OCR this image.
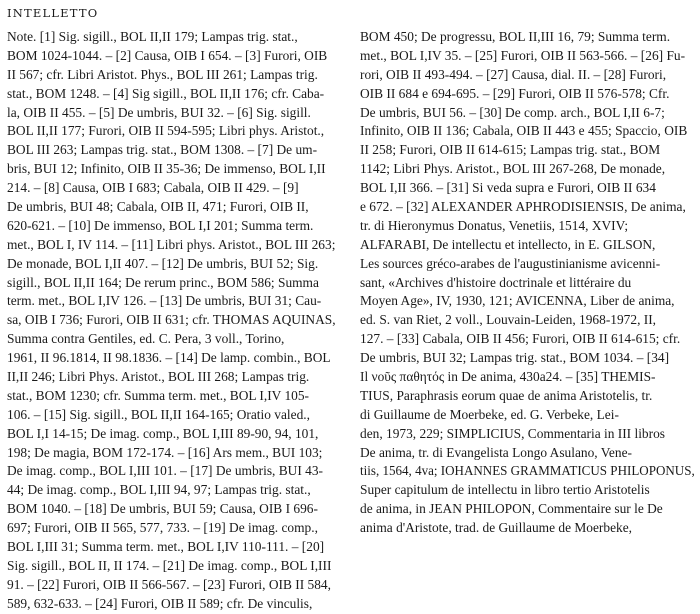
INTELLETTO
Note. [1] Sig. sigill., BOL II,II 179; Lampas trig. stat.,
BOM 1024-1044. – [2] Causa, OIB I 654. – [3] Furori, OIB
II 567; cfr. Libri Aristot. Phys., BOL III 261; Lampas trig.
stat., BOM 1248. – [4] Sig sigill., BOL II,II 176; cfr. Caba-
la, OIB II 455. – [5] De umbris, BUI 32. – [6] Sig. sigill.
BOL II,II 177; Furori, OIB II 594-595; Libri phys. Aristot.,
BOL III 263; Lampas trig. stat., BOM 1308. – [7] De um-
bris, BUI 12; Infinito, OIB II 35-36; De immenso, BOL I,II
214. – [8] Causa, OIB I 683; Cabala, OIB II 429. – [9]
De umbris, BUI 48; Cabala, OIB II, 471; Furori, OIB II,
620-621. – [10] De immenso, BOL I,I 201; Summa term.
met., BOL I, IV 114. – [11] Libri phys. Aristot., BOL III 263;
De monade, BOL I,II 407. – [12] De umbris, BUI 52; Sig.
sigill., BOL II,II 164; De rerum princ., BOM 586; Summa
term. met., BOL I,IV 126. – [13] De umbris, BUI 31; Cau-
sa, OIB I 736; Furori, OIB II 631; cfr. THOMAS AQUINAS,
Summa contra Gentiles, ed. C. Pera, 3 voll., Torino,
1961, II 96.1814, II 98.1836. – [14] De lamp. combin., BOL
II,II 246; Libri Phys. Aristot., BOL III 268; Lampas trig.
stat., BOM 1230; cfr. Summa term. met., BOL I,IV 105-
106. – [15] Sig. sigill., BOL II,II 164-165; Oratio valed.,
BOL I,I 14-15; De imag. comp., BOL I,III 89-90, 94, 101,
198; De magia, BOM 172-174. – [16] Ars mem., BUI 103;
De imag. comp., BOL I,III 101. – [17] De umbris, BUI 43-
44; De imag. comp., BOL I,III 94, 97; Lampas trig. stat.,
BOM 1040. – [18] De umbris, BUI 59; Causa, OIB I 696-
697; Furori, OIB II 565, 577, 733. – [19] De imag. comp.,
BOL I,III 31; Summa term. met., BOL I,IV 110-111. – [20]
Sig. sigill., BOL II, II 174. – [21] De imag. comp., BOL I,III
91. – [22] Furori, OIB II 566-567. – [23] Furori, OIB II 584,
589, 632-633. – [24] Furori, OIB II 589; cfr. De vinculis,
BOM 450; De progressu, BOL II,III 16, 79; Summa term.
met., BOL I,IV 35. – [25] Furori, OIB II 563-566. – [26] Fu-
rori, OIB II 493-494. – [27] Causa, dial. II. – [28] Furori,
OIB II 684 e 694-695. – [29] Furori, OIB II 576-578; Cfr.
De umbris, BUI 56. – [30] De comp. arch., BOL I,II 6-7;
Infinito, OIB II 136; Cabala, OIB II 443 e 455; Spaccio, OIB
II 258; Furori, OIB II 614-615; Lampas trig. stat., BOM
1142; Libri Phys. Aristot., BOL III 267-268, De monade,
BOL I,II 366. – [31] Si veda supra e Furori, OIB II 634
e 672. – [32] ALEXANDER APHRODISIENSIS, De anima,
tr. di Hieronymus Donatus, Venetiis, 1514, XVIV;
ALFARABI, De intellectu et intellecto, in E. GILSON,
Les sources gréco-arabes de l'augustinianisme avicenni-
sant, «Archives d'histoire doctrinale et littéraire du
Moyen Age», IV, 1930, 121; AVICENNA, Liber de anima,
ed. S. van Riet, 2 voll., Louvain-Leiden, 1968-1972, II,
127. – [33] Cabala, OIB II 456; Furori, OIB II 614-615; cfr.
De umbris, BUI 32; Lampas trig. stat., BOM 1034. – [34]
Il νοῦς παθητός in De anima, 430a24. – [35] THEMIS-
TIUS, Paraphrasis eorum quae de anima Aristotelis, tr.
di Guillaume de Moerbeke, ed. G. Verbeke, Lei-
den, 1973, 229; SIMPLICIUS, Commentaria in III libros
De anima, tr. di Evangelista Longo Asulano, Vene-
tiis, 1564, 4va; IOHANNES GRAMMATICUS PHILOPONUS,
Super capitulum de intellectu in libro tertio Aristotelis
de anima, in JEAN PHILOPON, Commentaire sur le De
anima d'Aristote, trad. de Guillaume de Moerbeke,
